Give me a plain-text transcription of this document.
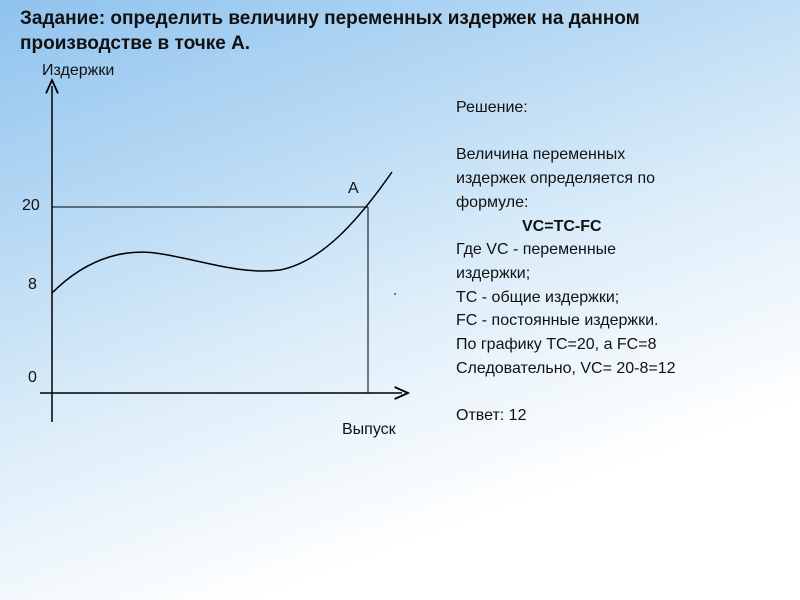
Задание: определить величину переменных издержек на данном
производстве в точке А.
Издержки
Выпуск
А
20
8
0
Решение:
Величина переменных
издержек определяется по
формуле:
VC=TC-FC
Где VC - переменные
издержки;
TC - общие издержки;
FC - постоянные издержки.
По графику TC=20, а FC=8
Следовательно, VC= 20-8=12
Ответ: 12
